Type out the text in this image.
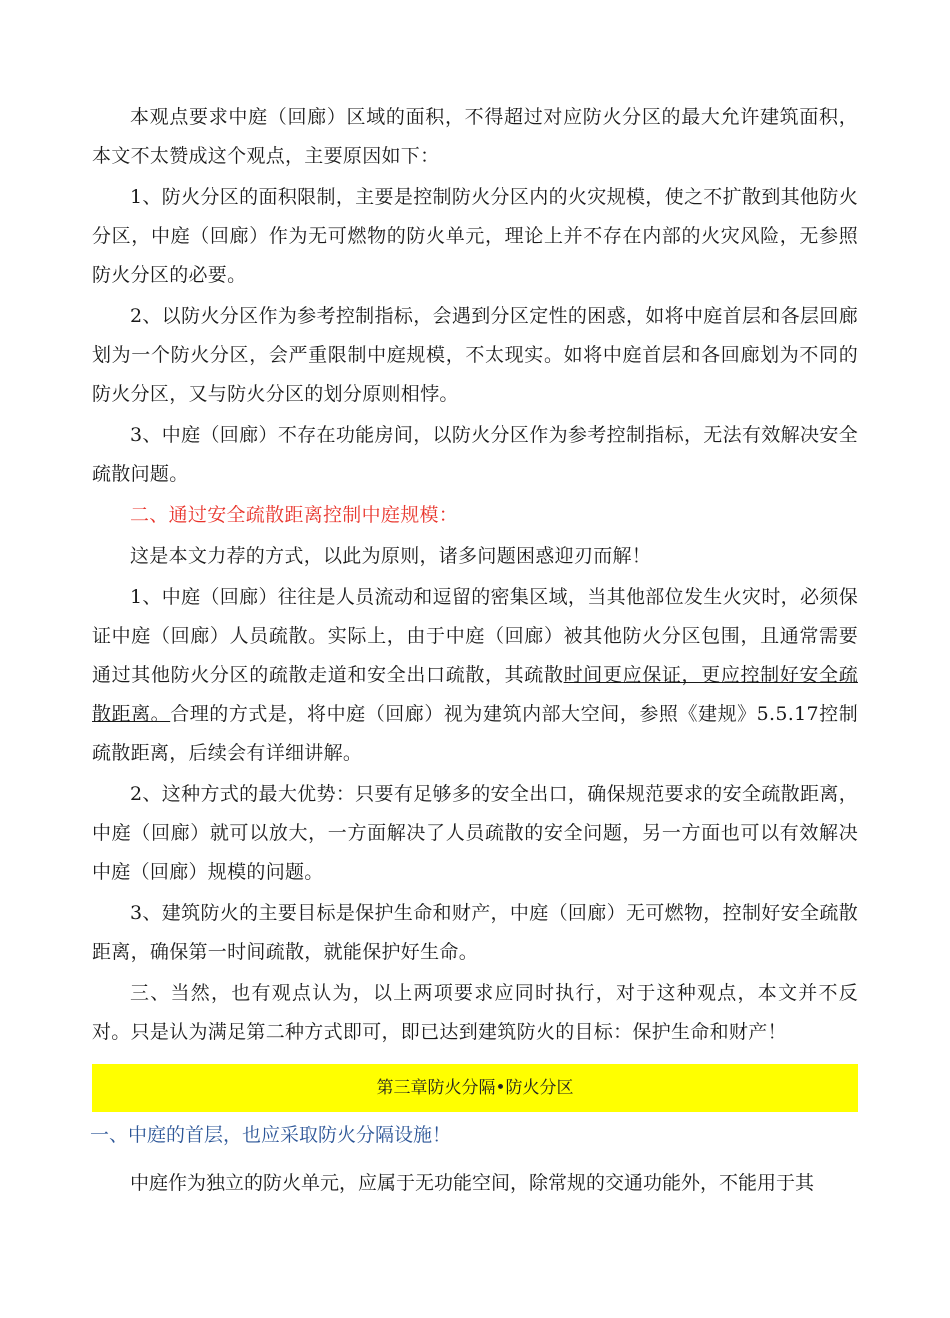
本观点要求中庭（回廊）区域的面积，不得超过对应防火分区的最大允许建筑面积，本文不太赞成这个观点，主要原因如下：

1、防火分区的面积限制，主要是控制防火分区内的火灾规模，使之不扩散到其他防火分区，中庭（回廊）作为无可燃物的防火单元，理论上并不存在内部的火灾风险，无参照防火分区的必要。

2、以防火分区作为参考控制指标，会遇到分区定性的困惑，如将中庭首层和各层回廊划为一个防火分区，会严重限制中庭规模，不太现实。如将中庭首层和各回廊划为不同的防火分区，又与防火分区的划分原则相悖。

3、中庭（回廊）不存在功能房间，以防火分区作为参考控制指标，无法有效解决安全疏散问题。

二、通过安全疏散距离控制中庭规模：

这是本文力荐的方式，以此为原则，诸多问题困惑迎刃而解！

1、中庭（回廊）往往是人员流动和逗留的密集区域，当其他部位发生火灾时，必须保证中庭（回廊）人员疏散。实际上，由于中庭（回廊）被其他防火分区包围，且通常需要通过其他防火分区的疏散走道和安全出口疏散，其疏散时间更应保证，更应控制好安全疏散距离。合理的方式是，将中庭（回廊）视为建筑内部大空间，参照《建规》5.5.17控制疏散距离，后续会有详细讲解。

2、这种方式的最大优势：只要有足够多的安全出口，确保规范要求的安全疏散距离，中庭（回廊）就可以放大，一方面解决了人员疏散的安全问题，另一方面也可以有效解决中庭（回廊）规模的问题。

3、建筑防火的主要目标是保护生命和财产，中庭（回廊）无可燃物，控制好安全疏散距离，确保第一时间疏散，就能保护好生命。

三、当然，也有观点认为，以上两项要求应同时执行，对于这种观点，本文并不反对。只是认为满足第二种方式即可，即已达到建筑防火的目标：保护生命和财产！

第三章防火分隔•防火分区
一、中庭的首层，也应采取防火分隔设施！

中庭作为独立的防火单元，应属于无功能空间，除常规的交通功能外，不能用于其
